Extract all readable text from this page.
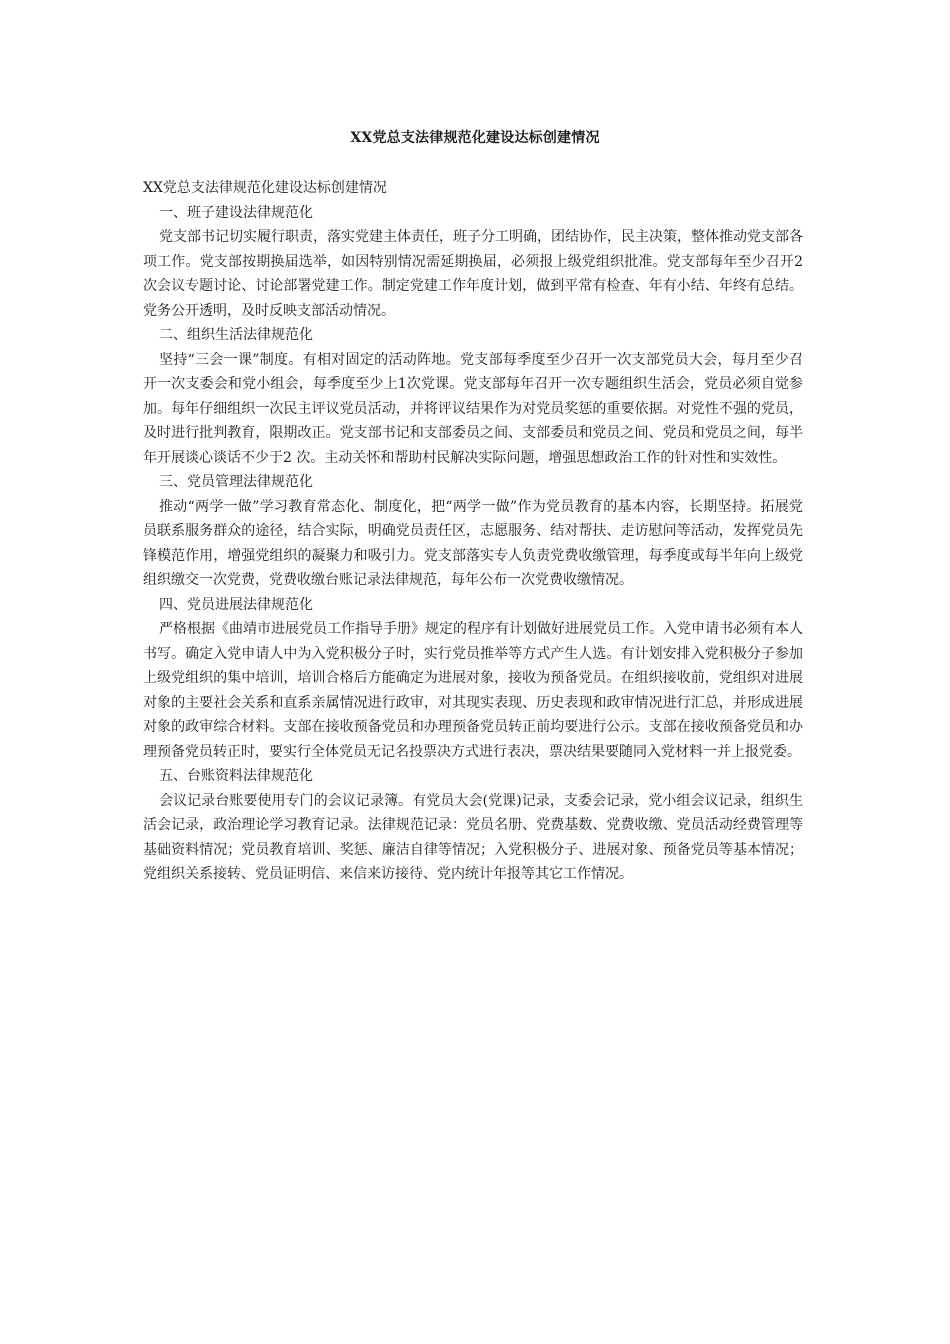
XX党总支法律规范化建设达标创建情况

XX党总支法律规范化建设达标创建情况

一、班子建设法律规范化

党支部书记切实履行职责，落实党建主体责任，班子分工明确，团结协作，民主决策，整体推动党支部各项工作。党支部按期换届选举，如因特别情况需延期换届，必须报上级党组织批准。党支部每年至少召开2次会议专题讨论、讨论部署党建工作。制定党建工作年度计划，做到平常有检查、年有小结、年终有总结。党务公开透明，及时反映支部活动情况。

二、组织生活法律规范化

坚持“三会一课”制度。有相对固定的活动阵地。党支部每季度至少召开一次支部党员大会，每月至少召开一次支委会和党小组会，每季度至少上1次党课。党支部每年召开一次专题组织生活会，党员必须自觉参加。每年仔细组织一次民主评议党员活动，并将评议结果作为对党员奖惩的重要依据。对党性不强的党员，及时进行批判教育，限期改正。党支部书记和支部委员之间、支部委员和党员之间、党员和党员之间，每半年开展谈心谈话不少于2 次。主动关怀和帮助村民解决实际问题，增强思想政治工作的针对性和实效性。

三、党员管理法律规范化

推动“两学一做”学习教育常态化、制度化，把“两学一做”作为党员教育的基本内容，长期坚持。拓展党员联系服务群众的途径，结合实际，明确党员责任区，志愿服务、结对帮扶、走访慰问等活动，发挥党员先锋模范作用，增强党组织的凝聚力和吸引力。党支部落实专人负责党费收缴管理，每季度或每半年向上级党组织缴交一次党费，党费收缴台账记录法律规范，每年公布一次党费收缴情况。

四、党员进展法律规范化

严格根据《曲靖市进展党员工作指导手册》规定的程序有计划做好进展党员工作。入党申请书必须有本人书写。确定入党申请人中为入党积极分子时，实行党员推举等方式产生人选。有计划安排入党积极分子参加上级党组织的集中培训，培训合格后方能确定为进展对象，接收为预备党员。在组织接收前，党组织对进展对象的主要社会关系和直系亲属情况进行政审，对其现实表现、历史表现和政审情况进行汇总，并形成进展对象的政审综合材料。支部在接收预备党员和办理预备党员转正前均要进行公示。支部在接收预备党员和办理预备党员转正时，要实行全体党员无记名投票决方式进行表决，票决结果要随同入党材料一并上报党委。

五、台账资料法律规范化

会议记录台账要使用专门的会议记录簿。有党员大会(党课)记录，支委会记录，党小组会议记录，组织生活会记录，政治理论学习教育记录。法律规范记录：党员名册、党费基数、党费收缴、党员活动经费管理等基础资料情况；党员教育培训、奖惩、廉洁自律等情况；入党积极分子、进展对象、预备党员等基本情况；党组织关系接转、党员证明信、来信来访接待、党内统计年报等其它工作情况。
